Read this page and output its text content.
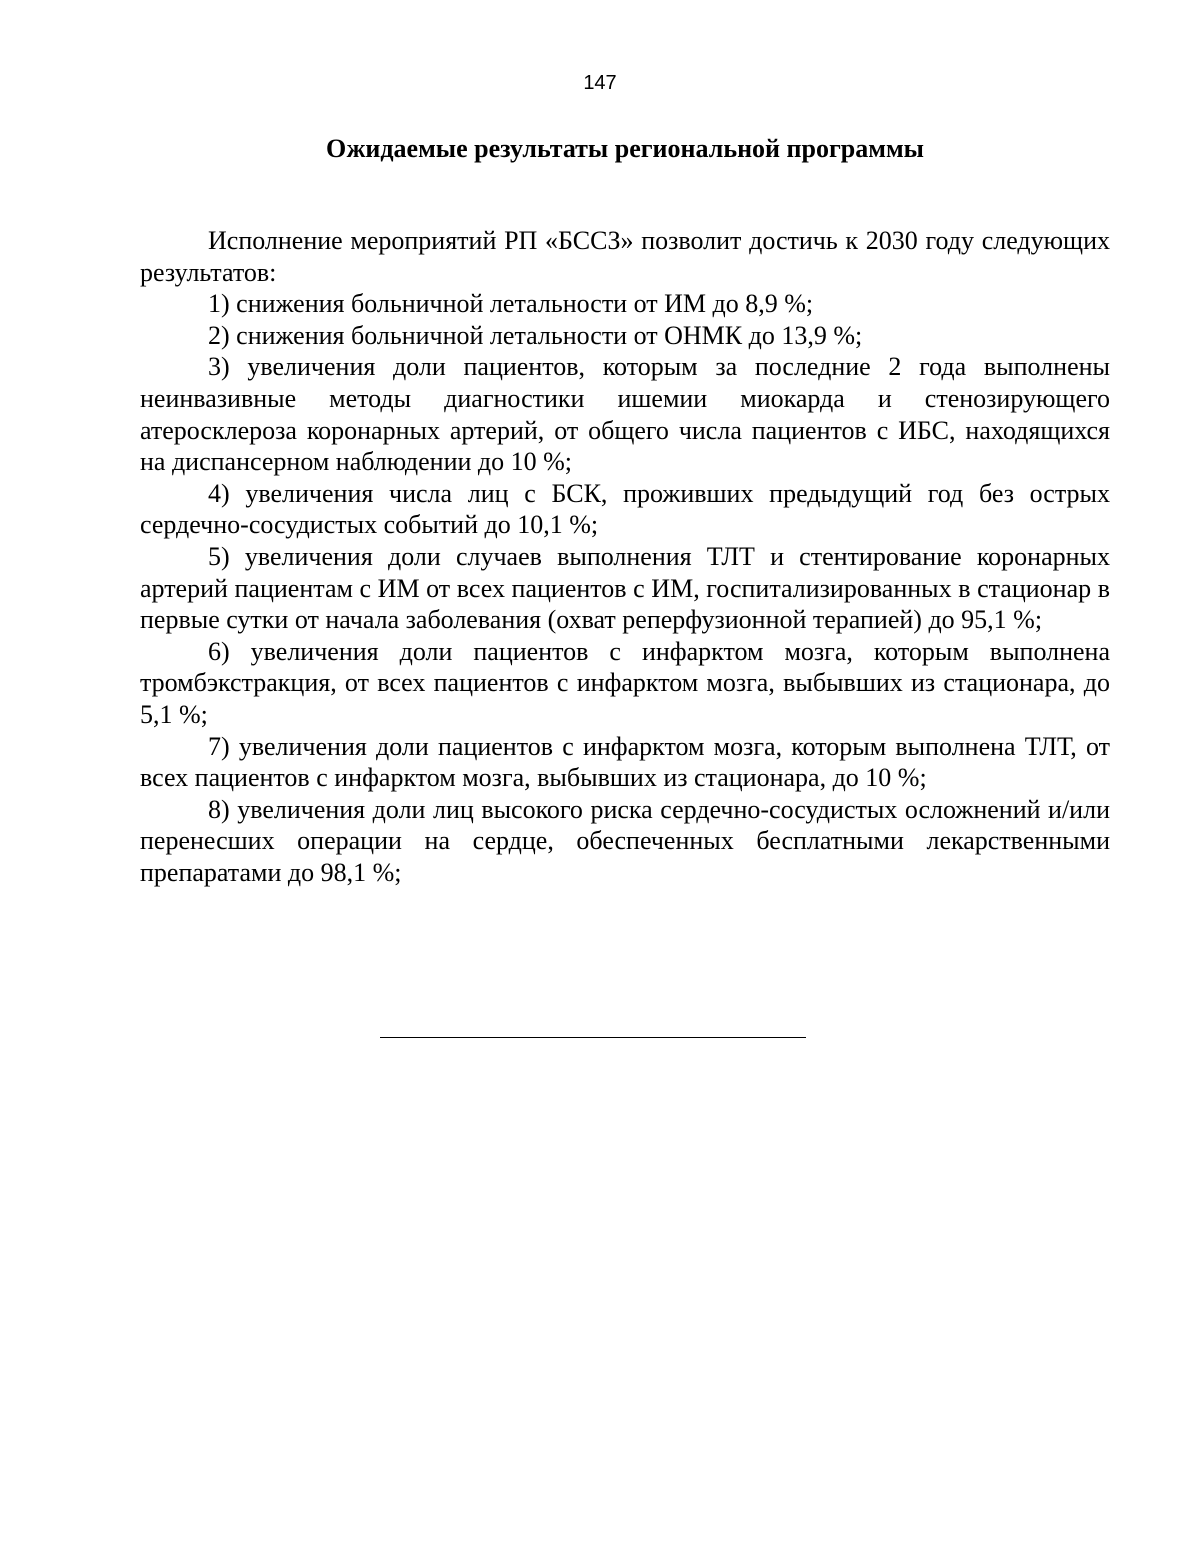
147
Ожидаемые результаты региональной программы

Исполнение мероприятий РП «БССЗ» позволит достичь к 2030 году следующих результатов:

1) снижения больничной летальности от ИМ до 8,9 %;

2) снижения больничной летальности от ОНМК до 13,9 %;

3) увеличения доли пациентов, которым за последние 2 года выполнены неинвазивные методы диагностики ишемии миокарда и стенозирующего атеросклероза коронарных артерий, от общего числа пациентов с ИБС, находящихся на диспансерном наблюдении до 10 %;

4) увеличения числа лиц с БСК, проживших предыдущий год без острых сердечно-сосудистых событий до 10,1 %;

5) увеличения доли случаев выполнения ТЛТ и стентирование коронарных артерий пациентам с ИМ от всех пациентов с ИМ, госпитализированных в стационар в первые сутки от начала заболевания (охват реперфузионной терапией) до 95,1 %;

6) увеличения доли пациентов с инфарктом мозга, которым выполнена тромбэкстракция, от всех пациентов с инфарктом мозга, выбывших из стационара, до 5,1 %;

7) увеличения доли пациентов с инфарктом мозга, которым выполнена ТЛТ, от всех пациентов с инфарктом мозга, выбывших из стационара, до 10 %;

8) увеличения доли лиц высокого риска сердечно-сосудистых осложнений и/или перенесших операции на сердце, обеспеченных бесплатными лекарственными препаратами до 98,1 %;
